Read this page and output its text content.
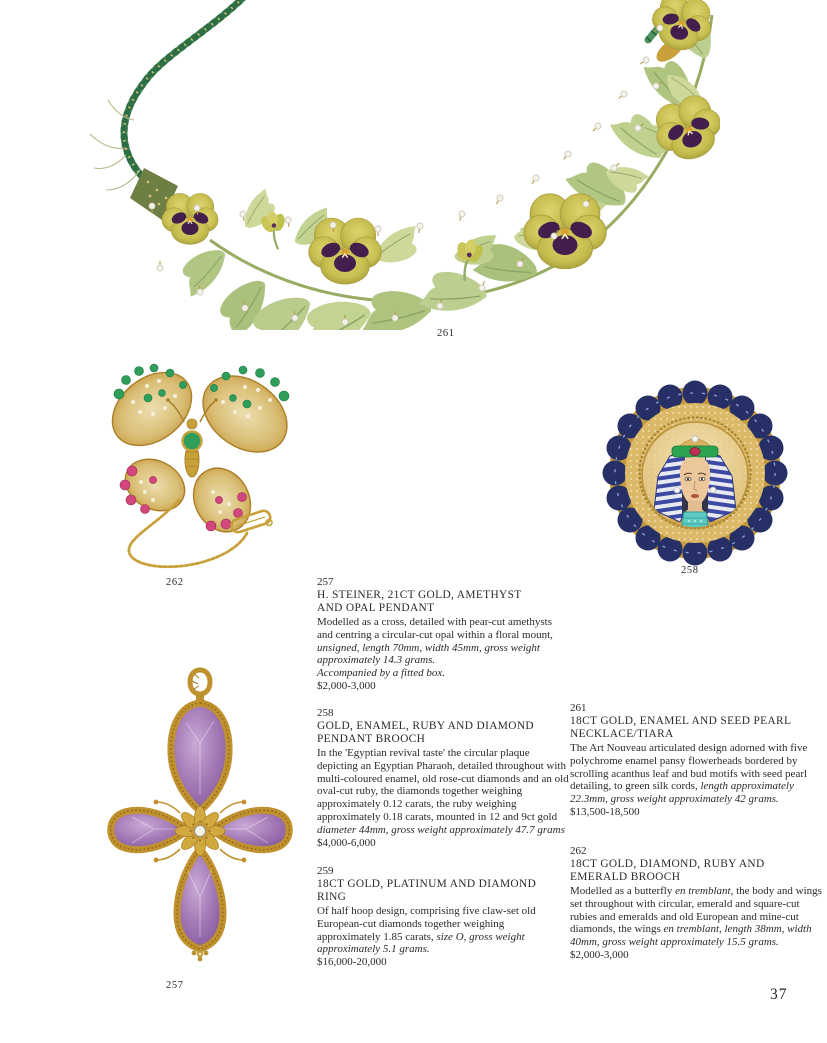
261
262
258
257
257
H. STEINER, 21CT GOLD, AMETHYST
AND OPAL PENDANT

Modelled as a cross, detailed with pear-cut amethysts and centring a circular-cut opal within a floral mount, unsigned, length 70mm, width 45mm, gross weight approximately 14.3 grams.

Accompanied by a fitted box.

$2,000-3,000
258
GOLD, ENAMEL, RUBY AND DIAMOND
PENDANT BROOCH

In the 'Egyptian revival taste' the circular plaque depicting an Egyptian Pharaoh, detailed throughout with multi-coloured enamel, old rose-cut diamonds and an old oval-cut ruby, the diamonds together weighing approximately 0.12 carats, the ruby weighing approximately 0.18 carats, mounted in 12 and 9ct gold diameter 44mm, gross weight approximately 47.7 grams

$4,000-6,000
259
18CT GOLD, PLATINUM AND DIAMOND
RING

Of half hoop design, comprising five claw-set old European-cut diamonds together weighing approximately 1.85 carats, size O, gross weight approximately 5.1 grams.

$16,000-20,000
261
18CT GOLD, ENAMEL AND SEED PEARL
NECKLACE/TIARA

The Art Nouveau articulated design adorned with five polychrome enamel pansy flowerheads bordered by scrolling acanthus leaf and bud motifs with seed pearl detailing, to green silk cords, length approximately 22.3mm, gross weight approximately 42 grams.

$13,500-18,500
262
18CT GOLD, DIAMOND, RUBY AND
EMERALD BROOCH

Modelled as a butterfly en tremblant, the body and wings set throughout with circular, emerald and square-cut rubies and emeralds and old European and mine-cut diamonds, the wings en tremblant, length 38mm, width 40mm, gross weight approximately 15.5 grams.

$2,000-3,000
37
